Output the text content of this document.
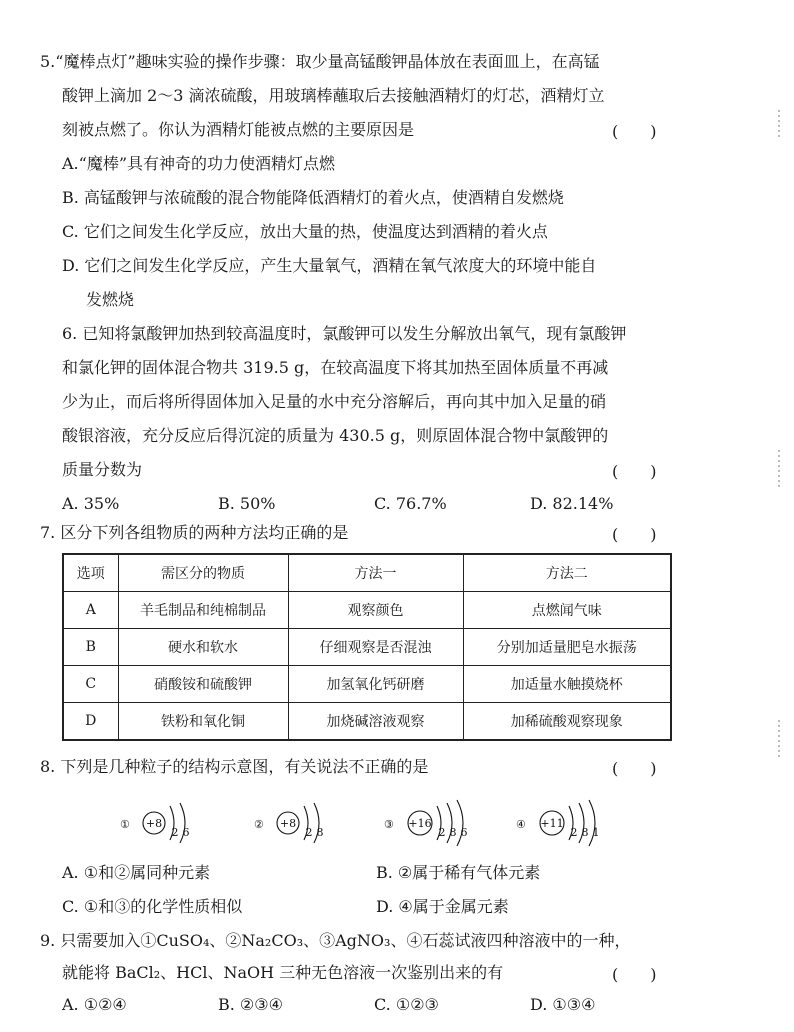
5.“魔棒点灯”趣味实验的操作步骤：取少量高锰酸钾晶体放在表面皿上，在高锰
酸钾上滴加 2～3 滴浓硫酸，用玻璃棒蘸取后去接触酒精灯的灯芯，酒精灯立
刻被点燃了。你认为酒精灯能被点燃的主要原因是	(　　)
A.“魔棒”具有神奇的功力使酒精灯点燃
B. 高锰酸钾与浓硫酸的混合物能降低酒精灯的着火点，使酒精自发燃烧
C. 它们之间发生化学反应，放出大量的热，使温度达到酒精的着火点
D. 它们之间发生化学反应，产生大量氧气，酒精在氧气浓度大的环境中能自
发燃烧
6. 已知将氯酸钾加热到较高温度时，氯酸钾可以发生分解放出氧气，现有氯酸钾
和氯化钾的固体混合物共 319.5 g，在较高温度下将其加热至固体质量不再减
少为止，而后将所得固体加入足量的水中充分溶解后，再向其中加入足量的硝
酸银溶液，充分反应后得沉淀的质量为 430.5 g，则原固体混合物中氯酸钾的
质量分数为	(　　)
A. 35%	B. 50%	C. 76.7%	D. 82.14%
7. 区分下列各组物质的两种方法均正确的是	(　　)
选项	需区分的物质	方法一	方法二
A	羊毛制品和纯棉制品	观察颜色	点燃闻气味
B	硬水和软水	仔细观察是否混浊	分别加适量肥皂水振荡
C	硝酸铵和硫酸钾	加氢氧化钙研磨	加适量水触摸烧杯
D	铁粉和氧化铜	加烧碱溶液观察	加稀硫酸观察现象
8. 下列是几种粒子的结构示意图，有关说法不正确的是	(　　)
① +8
2 6
② +8
2 8
③ +16
2 8 6
④ +11
2 8 1
A. ①和②属同种元素	B. ②属于稀有气体元素
C. ①和③的化学性质相似	D. ④属于金属元素
9. 只需要加入①CuSO₄、②Na₂CO₃、③AgNO₃、④石蕊试液四种溶液中的一种，
就能将 BaCl₂、HCl、NaOH 三种无色溶液一次鉴别出来的有	(　　)
A. ①②④	B. ②③④	C. ①②③	D. ①③④
